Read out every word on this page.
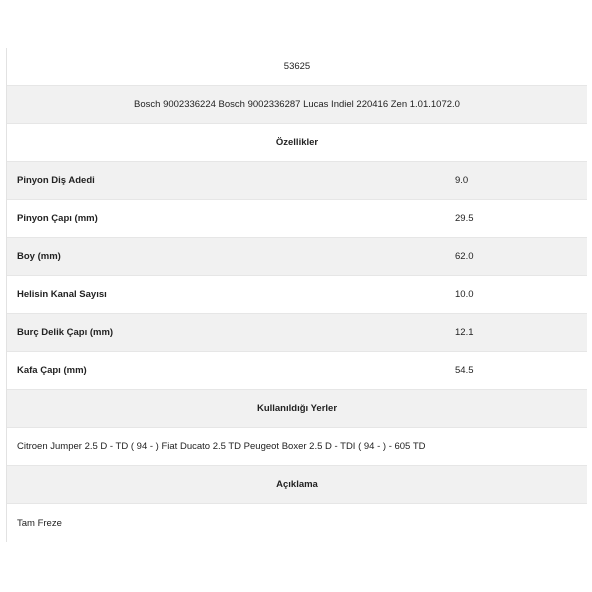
53625
Bosch 9002336224 Bosch 9002336287 Lucas Indiel 220416 Zen 1.01.1072.0
Özellikler
Pinyon Diş Adedi	9.0
Pinyon Çapı (mm)	29.5
Boy (mm)	62.0
Helisin Kanal Sayısı	10.0
Burç Delik Çapı (mm)	12.1
Kafa Çapı (mm)	54.5
Kullanıldığı Yerler
Citroen Jumper 2.5 D - TD ( 94 - ) Fiat Ducato 2.5 TD Peugeot Boxer 2.5 D - TDI ( 94 - ) - 605 TD
Açıklama
Tam Freze
